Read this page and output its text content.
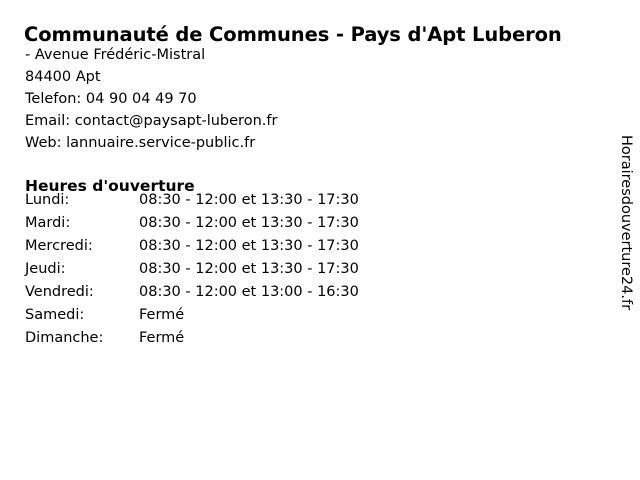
Communauté de Communes - Pays d'Apt Luberon
- Avenue Frédéric-Mistral
84400 Apt
Telefon: 04 90 04 49 70
Email: contact@paysapt-luberon.fr
Web: lannuaire.service-public.fr
Heures d'ouverture
Lundi:	08:30 - 12:00 et 13:30 - 17:30
Mardi:	08:30 - 12:00 et 13:30 - 17:30
Mercredi:	08:30 - 12:00 et 13:30 - 17:30
Jeudi:	08:30 - 12:00 et 13:30 - 17:30
Vendredi:	08:30 - 12:00 et 13:00 - 16:30
Samedi:	Fermé
Dimanche:	Fermé
Horairesdouverture24.fr
